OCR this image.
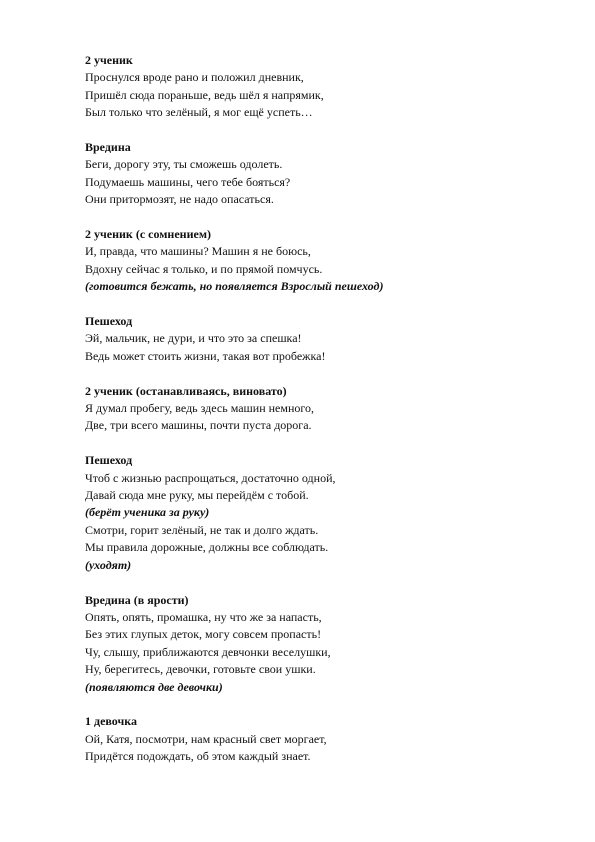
2 ученик
Проснулся вроде рано и положил дневник,
Пришёл сюда пораньше, ведь шёл я напрямик,
Был только что зелёный, я мог ещё успеть…
Вредина
Беги, дорогу эту, ты сможешь одолеть.
Подумаешь машины, чего тебе бояться?
Они притормозят, не надо опасаться.
2 ученик (с сомнением)
И, правда, что машины? Машин я не боюсь,
Вдохну сейчас я только, и по прямой помчусь.
(готовится бежать, но появляется Взрослый пешеход)
Пешеход
Эй, мальчик, не дури, и что это за спешка!
Ведь может стоить жизни, такая вот пробежка!
2 ученик (останавливаясь, виновато)
Я думал пробегу, ведь здесь машин немного,
Две, три всего машины, почти пуста дорога.
Пешеход
Чтоб с жизнью распрощаться, достаточно одной,
Давай сюда мне руку, мы перейдём с тобой.
(берёт ученика за руку)
Смотри, горит зелёный, не так и долго ждать.
Мы правила дорожные, должны все соблюдать.
(уходят)
Вредина (в ярости)
Опять, опять, промашка, ну что же за напасть,
Без этих глупых деток, могу совсем пропасть!
Чу, слышу, приближаются девчонки веселушки,
Ну, берегитесь, девочки, готовьте свои ушки.
(появляются две девочки)
1 девочка
Ой, Катя, посмотри, нам красный свет моргает,
Придётся подождать, об этом каждый знает.
